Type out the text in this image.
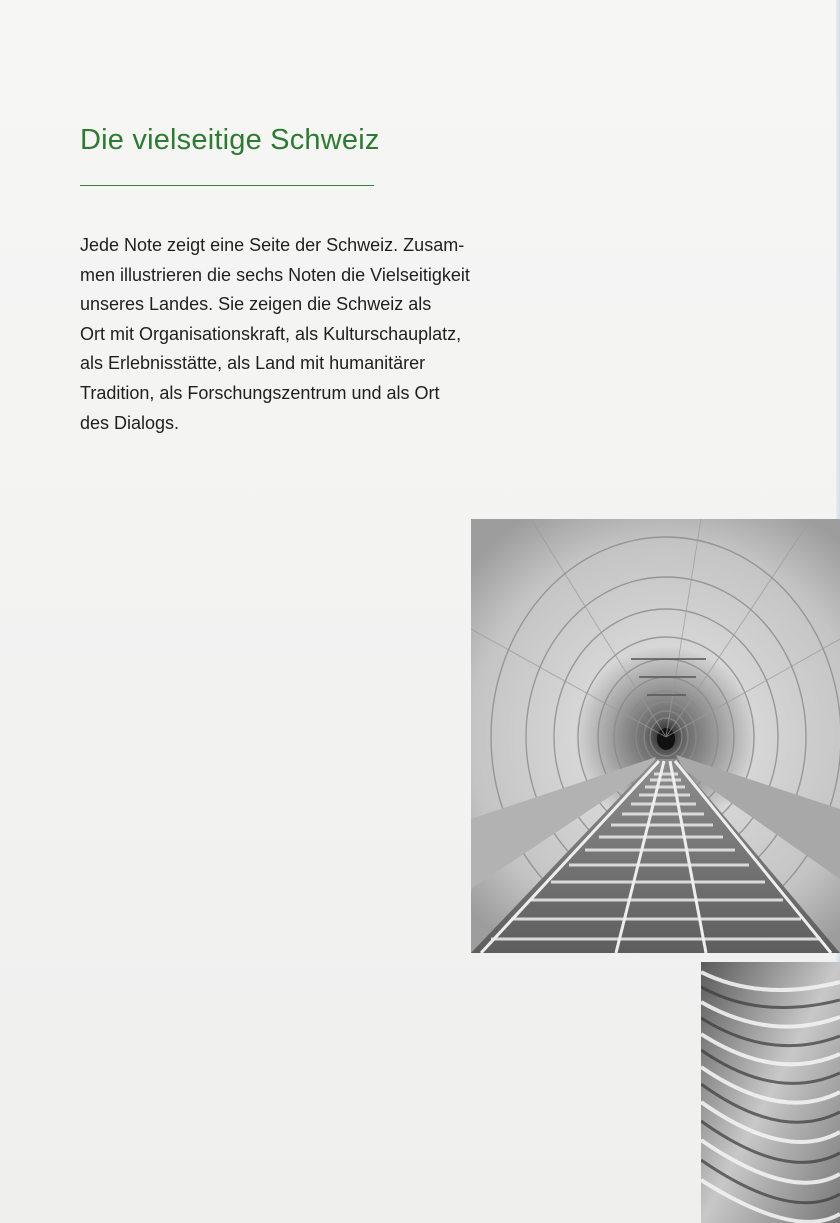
Die vielseitige Schweiz

Jede Note zeigt eine Seite der Schweiz. Zusam-
men illustrieren die sechs Noten die Vielseitigkeit
unseres Landes. Sie zeigen die Schweiz als
Ort mit Organisationskraft, als Kulturschauplatz,
als Erlebnisstätte, als Land mit humanitärer
Tradition, als Forschungszentrum und als Ort
des Dialogs.
